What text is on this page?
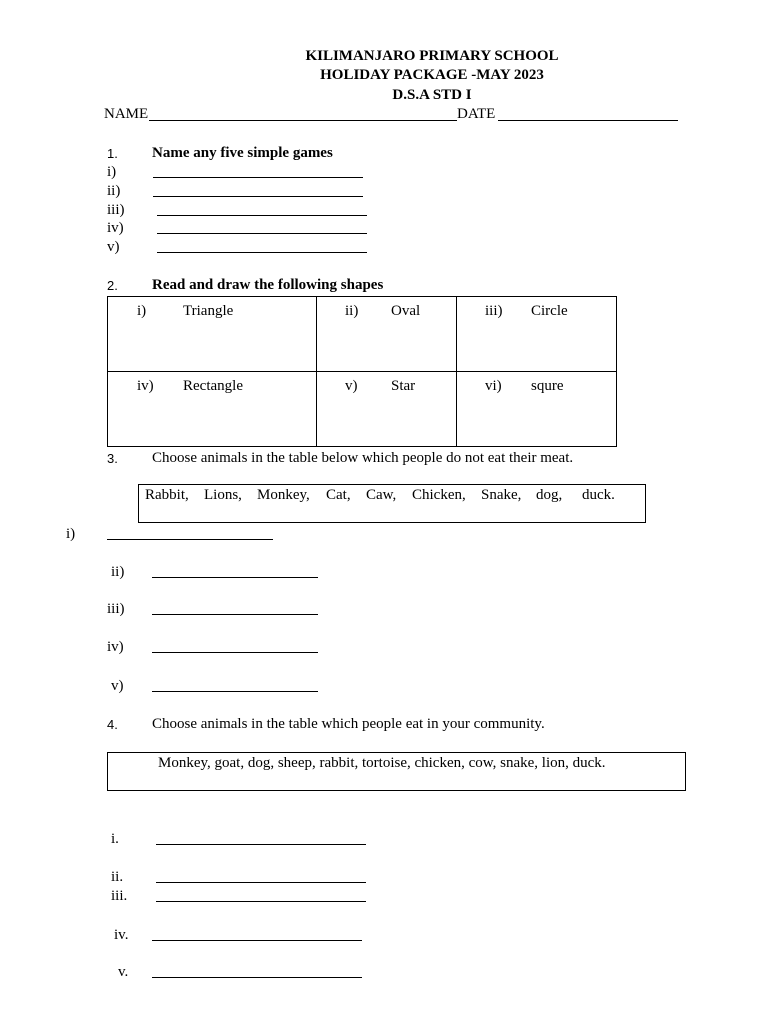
KILIMANJARO PRIMARY SCHOOL
HOLIDAY PACKAGE -MAY 2023
D.S.A STD I
NAME	DATE
1. Name any five simple games
i)
ii)
iii)
iv)
v)
2. Read and draw the following shapes
i) Triangle	ii) Oval	iii) Circle

iv) Rectangle	v) Star	vi) squre
3. Choose animals in the table below which people do not eat their meat.
Rabbit, Lions, Monkey, Cat, Caw, Chicken, Snake, dog, duck.
i)
ii)
iii)
iv)
v)
4. Choose animals in the table which people eat in your community.
Monkey, goat, dog, sheep, rabbit, tortoise, chicken, cow, snake, lion, duck.
i.
ii.
iii.
iv.
v.
